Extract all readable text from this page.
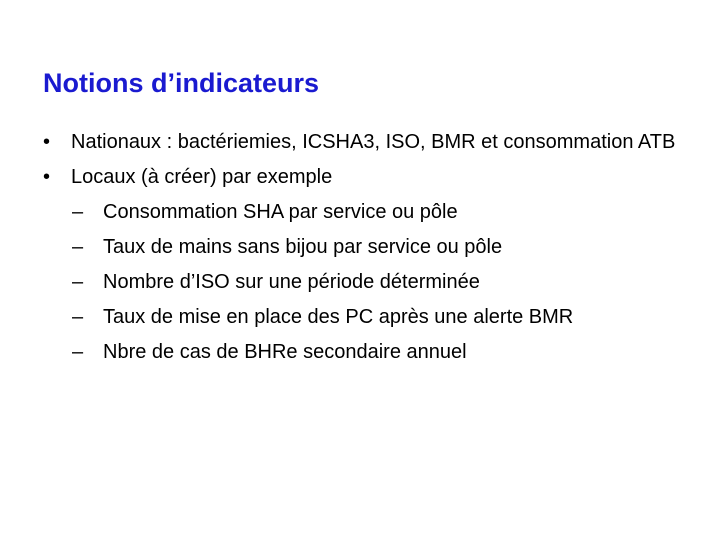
Notions d’indicateurs
• Nationaux : bactériemies, ICSHA3, ISO, BMR et consommation ATB
• Locaux (à créer) par exemple
– Consommation SHA par service ou pôle
– Taux de mains sans bijou par service ou pôle
– Nombre d’ISO sur une période déterminée
– Taux de mise en place des PC après une alerte BMR
– Nbre de cas de BHRe secondaire annuel
